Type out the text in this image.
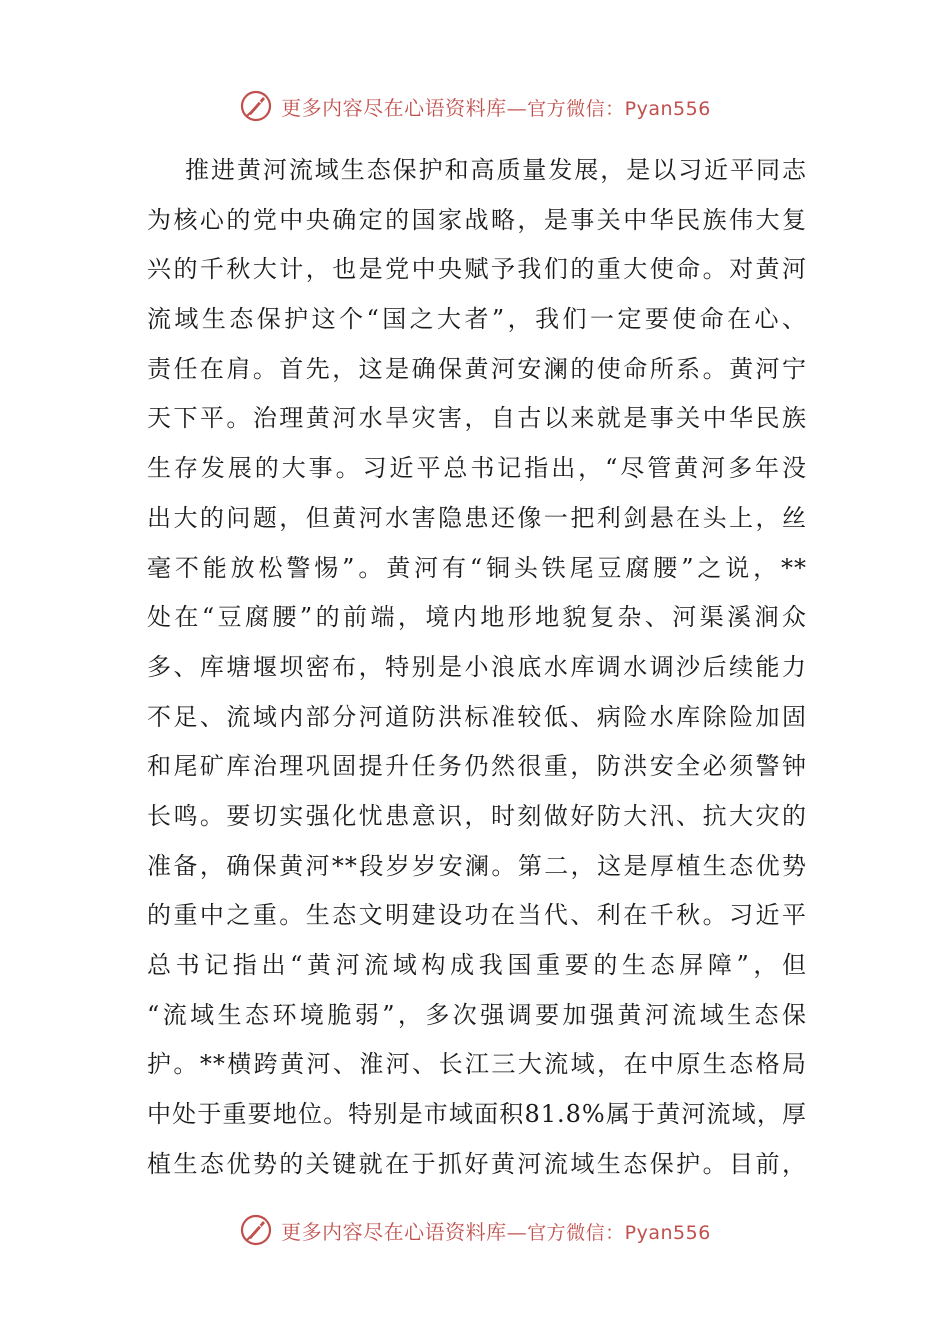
更多内容尽在心语资料库—官方微信：Pyan556
推进黄河流域生态保护和高质量发展，是以习近平同志
为核心的党中央确定的国家战略，是事关中华民族伟大复
兴的千秋大计，也是党中央赋予我们的重大使命。对黄河
流域生态保护这个“国之大者”，我们一定要使命在心、
责任在肩。首先，这是确保黄河安澜的使命所系。黄河宁
天下平。治理黄河水旱灾害，自古以来就是事关中华民族
生存发展的大事。习近平总书记指出，“尽管黄河多年没
出大的问题，但黄河水害隐患还像一把利剑悬在头上，丝
毫不能放松警惕”。黄河有“铜头铁尾豆腐腰”之说，**
处在“豆腐腰”的前端，境内地形地貌复杂、河渠溪涧众
多、库塘堰坝密布，特别是小浪底水库调水调沙后续能力
不足、流域内部分河道防洪标准较低、病险水库除险加固
和尾矿库治理巩固提升任务仍然很重，防洪安全必须警钟
长鸣。要切实强化忧患意识，时刻做好防大汛、抗大灾的
准备，确保黄河**段岁岁安澜。第二，这是厚植生态优势
的重中之重。生态文明建设功在当代、利在千秋。习近平
总书记指出“黄河流域构成我国重要的生态屏障”，但
“流域生态环境脆弱”，多次强调要加强黄河流域生态保
护。**横跨黄河、淮河、长江三大流域，在中原生态格局
中处于重要地位。特别是市域面积81.8%属于黄河流域，厚
植生态优势的关键就在于抓好黄河流域生态保护。目前，
更多内容尽在心语资料库—官方微信：Pyan556
